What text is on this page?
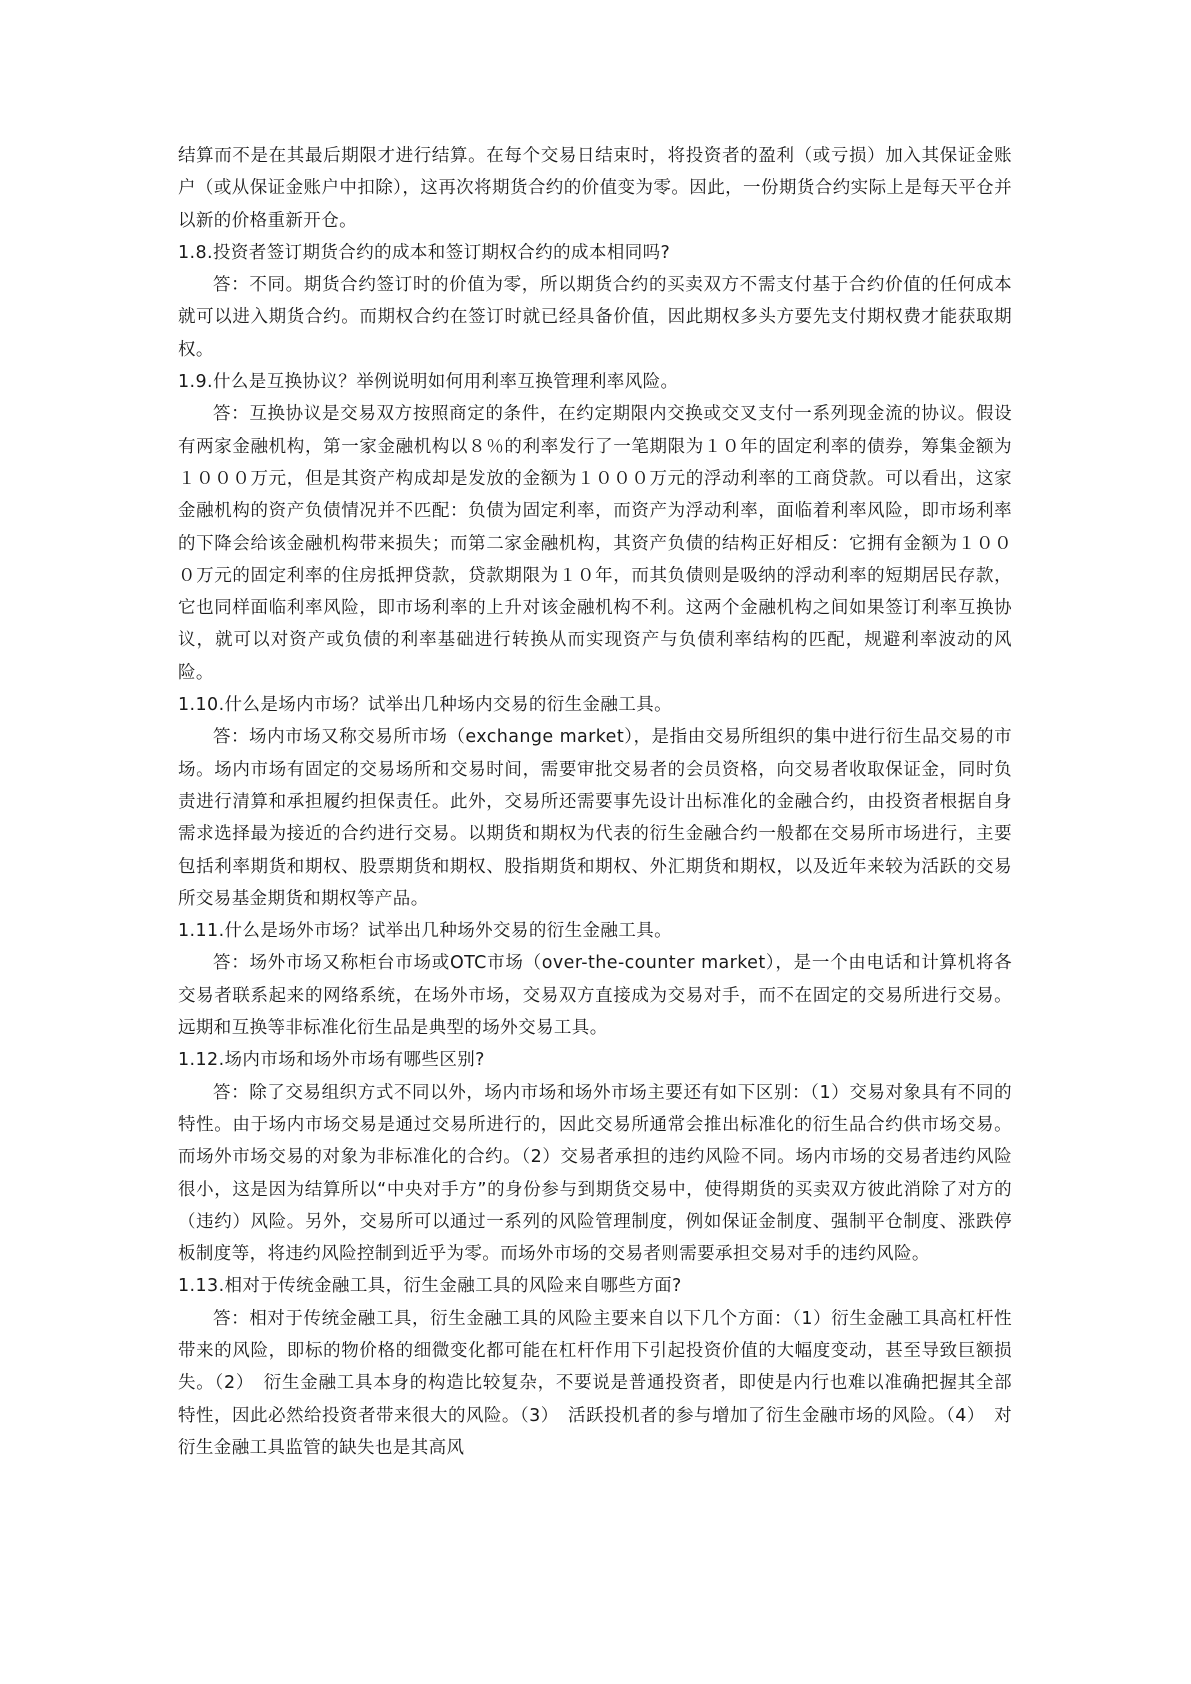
结算而不是在其最后期限才进行结算。在每个交易日结束时，将投资者的盈利（或亏损）加入其保证金账户（或从保证金账户中扣除），这再次将期货合约的价值变为零。因此，一份期货合约实际上是每天平仓并以新的价格重新开仓。

1.8.投资者签订期货合约的成本和签订期权合约的成本相同吗?

答：不同。期货合约签订时的价值为零，所以期货合约的买卖双方不需支付基于合约价值的任何成本就可以进入期货合约。而期权合约在签订时就已经具备价值，因此期权多头方要先支付期权费才能获取期权。

1.9.什么是互换协议？举例说明如何用利率互换管理利率风险。

答：互换协议是交易双方按照商定的条件，在约定期限内交换或交叉支付一系列现金流的协议。假设有两家金融机构，第一家金融机构以８％的利率发行了一笔期限为１０年的固定利率的债券，筹集金额为１０００万元，但是其资产构成却是发放的金额为１０００万元的浮动利率的工商贷款。可以看出，这家金融机构的资产负债情况并不匹配：负债为固定利率，而资产为浮动利率，面临着利率风险，即市场利率的下降会给该金融机构带来损失；而第二家金融机构，其资产负债的结构正好相反：它拥有金额为１０００万元的固定利率的住房抵押贷款，贷款期限为１０年，而其负债则是吸纳的浮动利率的短期居民存款，它也同样面临利率风险，即市场利率的上升对该金融机构不利。这两个金融机构之间如果签订利率互换协议，就可以对资产或负债的利率基础进行转换从而实现资产与负债利率结构的匹配，规避利率波动的风险。

1.10.什么是场内市场？试举出几种场内交易的衍生金融工具。

答：场内市场又称交易所市场（exchange market），是指由交易所组织的集中进行衍生品交易的市场。场内市场有固定的交易场所和交易时间，需要审批交易者的会员资格，向交易者收取保证金，同时负责进行清算和承担履约担保责任。此外，交易所还需要事先设计出标准化的金融合约，由投资者根据自身需求选择最为接近的合约进行交易。以期货和期权为代表的衍生金融合约一般都在交易所市场进行，主要包括利率期货和期权、股票期货和期权、股指期货和期权、外汇期货和期权，以及近年来较为活跃的交易所交易基金期货和期权等产品。

1.11.什么是场外市场？试举出几种场外交易的衍生金融工具。

答：场外市场又称柜台市场或OTC市场（over-the-counter market），是一个由电话和计算机将各交易者联系起来的网络系统，在场外市场，交易双方直接成为交易对手，而不在固定的交易所进行交易。远期和互换等非标准化衍生品是典型的场外交易工具。

1.12.场内市场和场外市场有哪些区别?

答：除了交易组织方式不同以外，场内市场和场外市场主要还有如下区别：（1）交易对象具有不同的特性。由于场内市场交易是通过交易所进行的，因此交易所通常会推出标准化的衍生品合约供市场交易。而场外市场交易的对象为非标准化的合约。（2）交易者承担的违约风险不同。场内市场的交易者违约风险很小，这是因为结算所以“中央对手方”的身份参与到期货交易中，使得期货的买卖双方彼此消除了对方的（违约）风险。另外，交易所可以通过一系列的风险管理制度，例如保证金制度、强制平仓制度、涨跌停板制度等，将违约风险控制到近乎为零。而场外市场的交易者则需要承担交易对手的违约风险。

1.13.相对于传统金融工具，衍生金融工具的风险来自哪些方面?

答：相对于传统金融工具，衍生金融工具的风险主要来自以下几个方面：（1）衍生金融工具高杠杆性带来的风险，即标的物价格的细微变化都可能在杠杆作用下引起投资价值的大幅度变动，甚至导致巨额损失。（2）　衍生金融工具本身的构造比较复杂，不要说是普通投资者，即使是内行也难以准确把握其全部特性，因此必然给投资者带来很大的风险。（3）　活跃投机者的参与增加了衍生金融市场的风险。（4）　对衍生金融工具监管的缺失也是其高风
